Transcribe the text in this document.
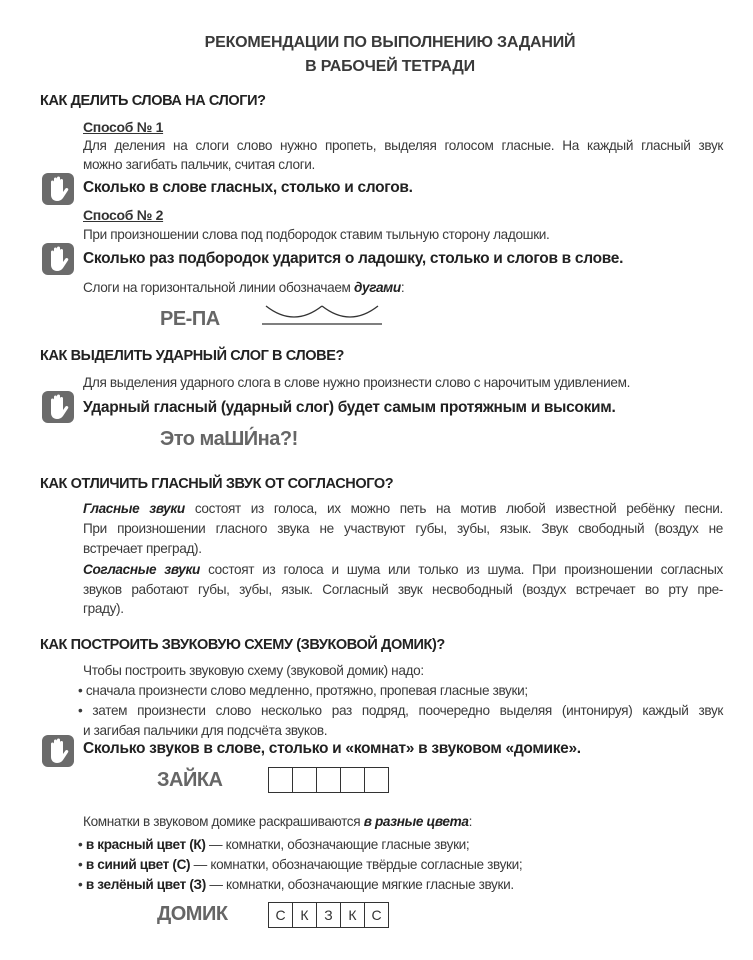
РЕКОМЕНДАЦИИ ПО ВЫПОЛНЕНИЮ ЗАДАНИЙ
В РАБОЧЕЙ ТЕТРАДИ
КАК ДЕЛИТЬ СЛОВА НА СЛОГИ?
Способ № 1
Для деления на слоги слово нужно пропеть, выделяя голосом гласные. На каждый гласный звук
можно загибать пальчик, считая слоги.
Сколько в слове гласных, столько и слогов.
Способ № 2
При произношении слова под подбородок ставим тыльную сторону ладошки.
Сколько раз подбородок ударится о ладошку, столько и слогов в слове.
Слоги на горизонтальной линии обозначаем дугами:
РЕ-ПА
КАК ВЫДЕЛИТЬ УДАРНЫЙ СЛОГ В СЛОВЕ?
Для выделения ударного слога в слове нужно произнести слово с нарочитым удивлением.
Ударный гласный (ударный слог) будет самым протяжным и высоким.
Это маШИ́на?!
КАК ОТЛИЧИТЬ ГЛАСНЫЙ ЗВУК ОТ СОГЛАСНОГО?
Гласные звуки состоят из голоса, их можно петь на мотив любой известной ребёнку песни.
При произношении гласного звука не участвуют губы, зубы, язык. Звук свободный (воздух не
встречает преград).
Согласные звуки состоят из голоса и шума или только из шума. При произношении согласных
звуков работают губы, зубы, язык. Согласный звук несвободный (воздух встречает во рту пре-
граду).
КАК ПОСТРОИТЬ ЗВУКОВУЮ СХЕМУ (ЗВУКОВОЙ ДОМИК)?
Чтобы построить звуковую схему (звуковой домик) надо:
• сначала произнести слово медленно, протяжно, пропевая гласные звуки;
• затем произнести слово несколько раз подряд, поочередно выделяя (интонируя) каждый звук
и загибая пальчики для подсчёта звуков.
Сколько звуков в слове, столько и «комнат» в звуковом «домике».
ЗАЙКА
Комнатки в звуковом домике раскрашиваются в разные цвета:
• в красный цвет (К) — комнатки, обозначающие гласные звуки;
• в синий цвет (С) — комнатки, обозначающие твёрдые согласные звуки;
• в зелёный цвет (З) — комнатки, обозначающие мягкие гласные звуки.
ДОМИК	С	К	З	К	С
